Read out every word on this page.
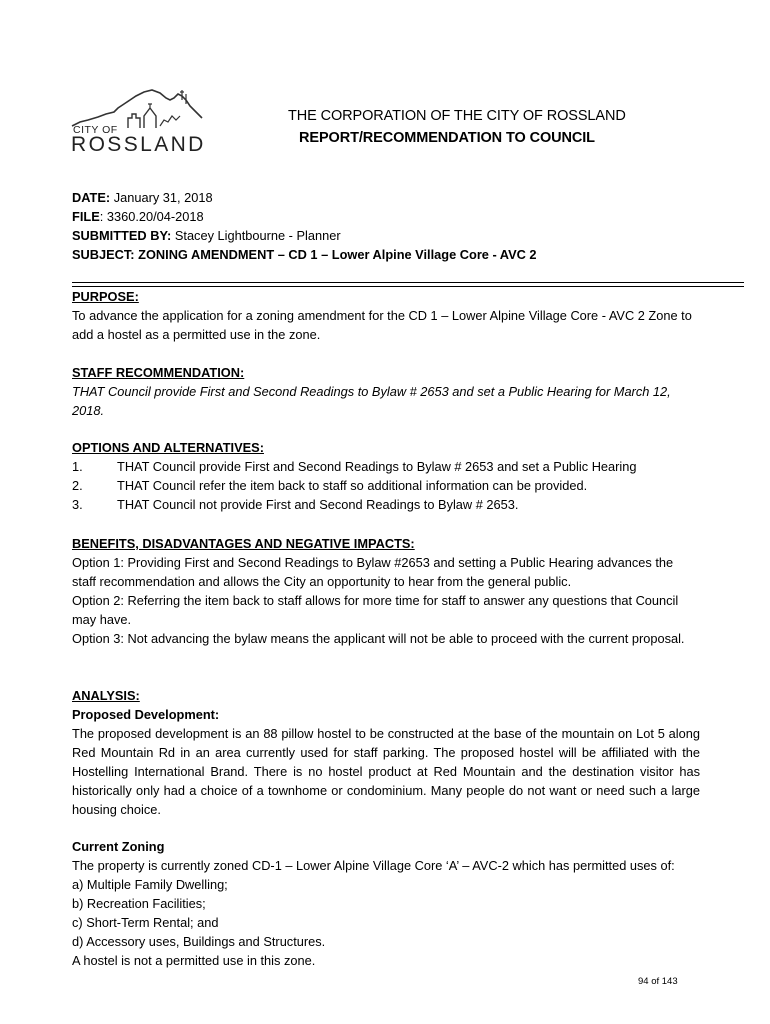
CITY OF
ROSSLAND
THE CORPORATION OF THE CITY OF ROSSLAND
REPORT/RECOMMENDATION TO COUNCIL
DATE: January 31, 2018
FILE: 3360.20/04-2018
SUBMITTED BY: Stacey Lightbourne - Planner
SUBJECT: ZONING AMENDMENT – CD 1 – Lower Alpine Village Core - AVC 2
PURPOSE:
To advance the application for a zoning amendment for the CD 1 – Lower Alpine Village Core - AVC 2 Zone to add a hostel as a permitted use in the zone.
STAFF RECOMMENDATION:
THAT Council provide First and Second Readings to Bylaw # 2653 and set a Public Hearing for March 12, 2018.
OPTIONS AND ALTERNATIVES:
1.	THAT Council provide First and Second Readings to Bylaw # 2653 and set a Public Hearing
2.	THAT Council refer the item back to staff so additional information can be provided.
3.	THAT Council not provide First and Second Readings to Bylaw # 2653.
BENEFITS, DISADVANTAGES AND NEGATIVE IMPACTS:
Option 1: Providing First and Second Readings to Bylaw #2653 and setting a Public Hearing advances the staff recommendation and allows the City an opportunity to hear from the general public.
Option 2: Referring the item back to staff allows for more time for staff to answer any questions that Council may have.
Option 3: Not advancing the bylaw means the applicant will not be able to proceed with the current proposal.
ANALYSIS:
Proposed Development:
The proposed development is an 88 pillow hostel to be constructed at the base of the mountain on Lot 5 along Red Mountain Rd in an area currently used for staff parking. The proposed hostel will be affiliated with the Hostelling International Brand. There is no hostel product at Red Mountain and the destination visitor has historically only had a choice of a townhome or condominium. Many people do not want or need such a large housing choice.
Current Zoning
The property is currently zoned CD-1 – Lower Alpine Village Core ‘A’ – AVC-2 which has permitted uses of:
a) Multiple Family Dwelling;
b) Recreation Facilities;
c) Short-Term Rental; and
d) Accessory uses, Buildings and Structures.
A hostel is not a permitted use in this zone.
94 of 143
